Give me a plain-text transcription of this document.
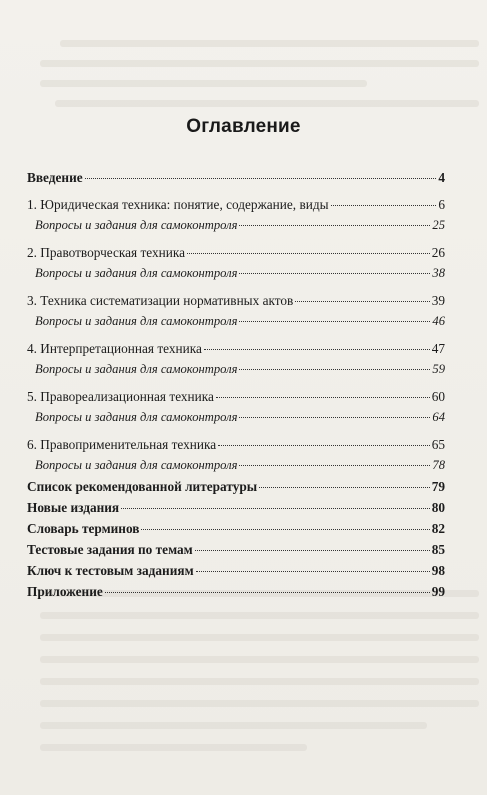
Оглавление
Введение	4
1. Юридическая техника: понятие, содержание, виды	6
Вопросы и задания для самоконтроля	25
2. Правотворческая техника	26
Вопросы и задания для самоконтроля	38
3. Техника систематизации нормативных актов	39
Вопросы и задания для самоконтроля	46
4. Интерпретационная техника	47
Вопросы и задания для самоконтроля	59
5. Правореализационная техника	60
Вопросы и задания для самоконтроля	64
6. Правоприменительная техника	65
Вопросы и задания для самоконтроля	78
Список рекомендованной литературы	79
Новые издания	80
Словарь терминов	82
Тестовые задания по темам	85
Ключ к тестовым заданиям	98
Приложение	99
